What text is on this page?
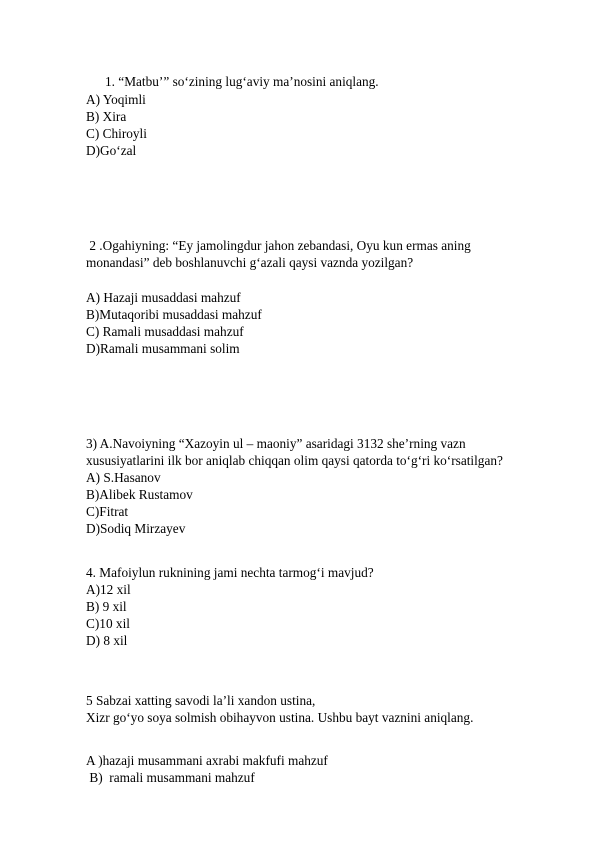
1. “Matbu’” so‘zining lug‘aviy ma’nosini aniqlang.
A) Yoqimli
B) Xira
C) Chiroyli
D)Go‘zal
2 .Ogahiyning: “Ey jamolingdur jahon zebandasi, Oyu kun ermas aning
monandasi” deb boshlanuvchi g‘azali qaysi vaznda yozilgan?
A) Hazaji musaddasi mahzuf
B)Mutaqoribi musaddasi mahzuf
C) Ramali musaddasi mahzuf
D)Ramali musammani solim
3) A.Navoiyning “Xazoyin ul – maoniy” asaridagi 3132 she’rning vazn
xususiyatlarini ilk bor aniqlab chiqqan olim qaysi qatorda to‘g‘ri ko‘rsatilgan?
A) S.Hasanov
B)Alibek Rustamov
C)Fitrat
D)Sodiq Mirzayev
4. Mafoiylun ruknining jami nechta tarmog‘i mavjud?
A)12 xil
B) 9 xil
C)10 xil
D) 8 xil
5 Sabzai xatting savodi la’li xandon ustina,
Xizr go‘yo soya solmish obihayvon ustina. Ushbu bayt vaznini aniqlang.
A )hazaji musammani axrabi makfufi mahzuf
B)  ramali musammani mahzuf
